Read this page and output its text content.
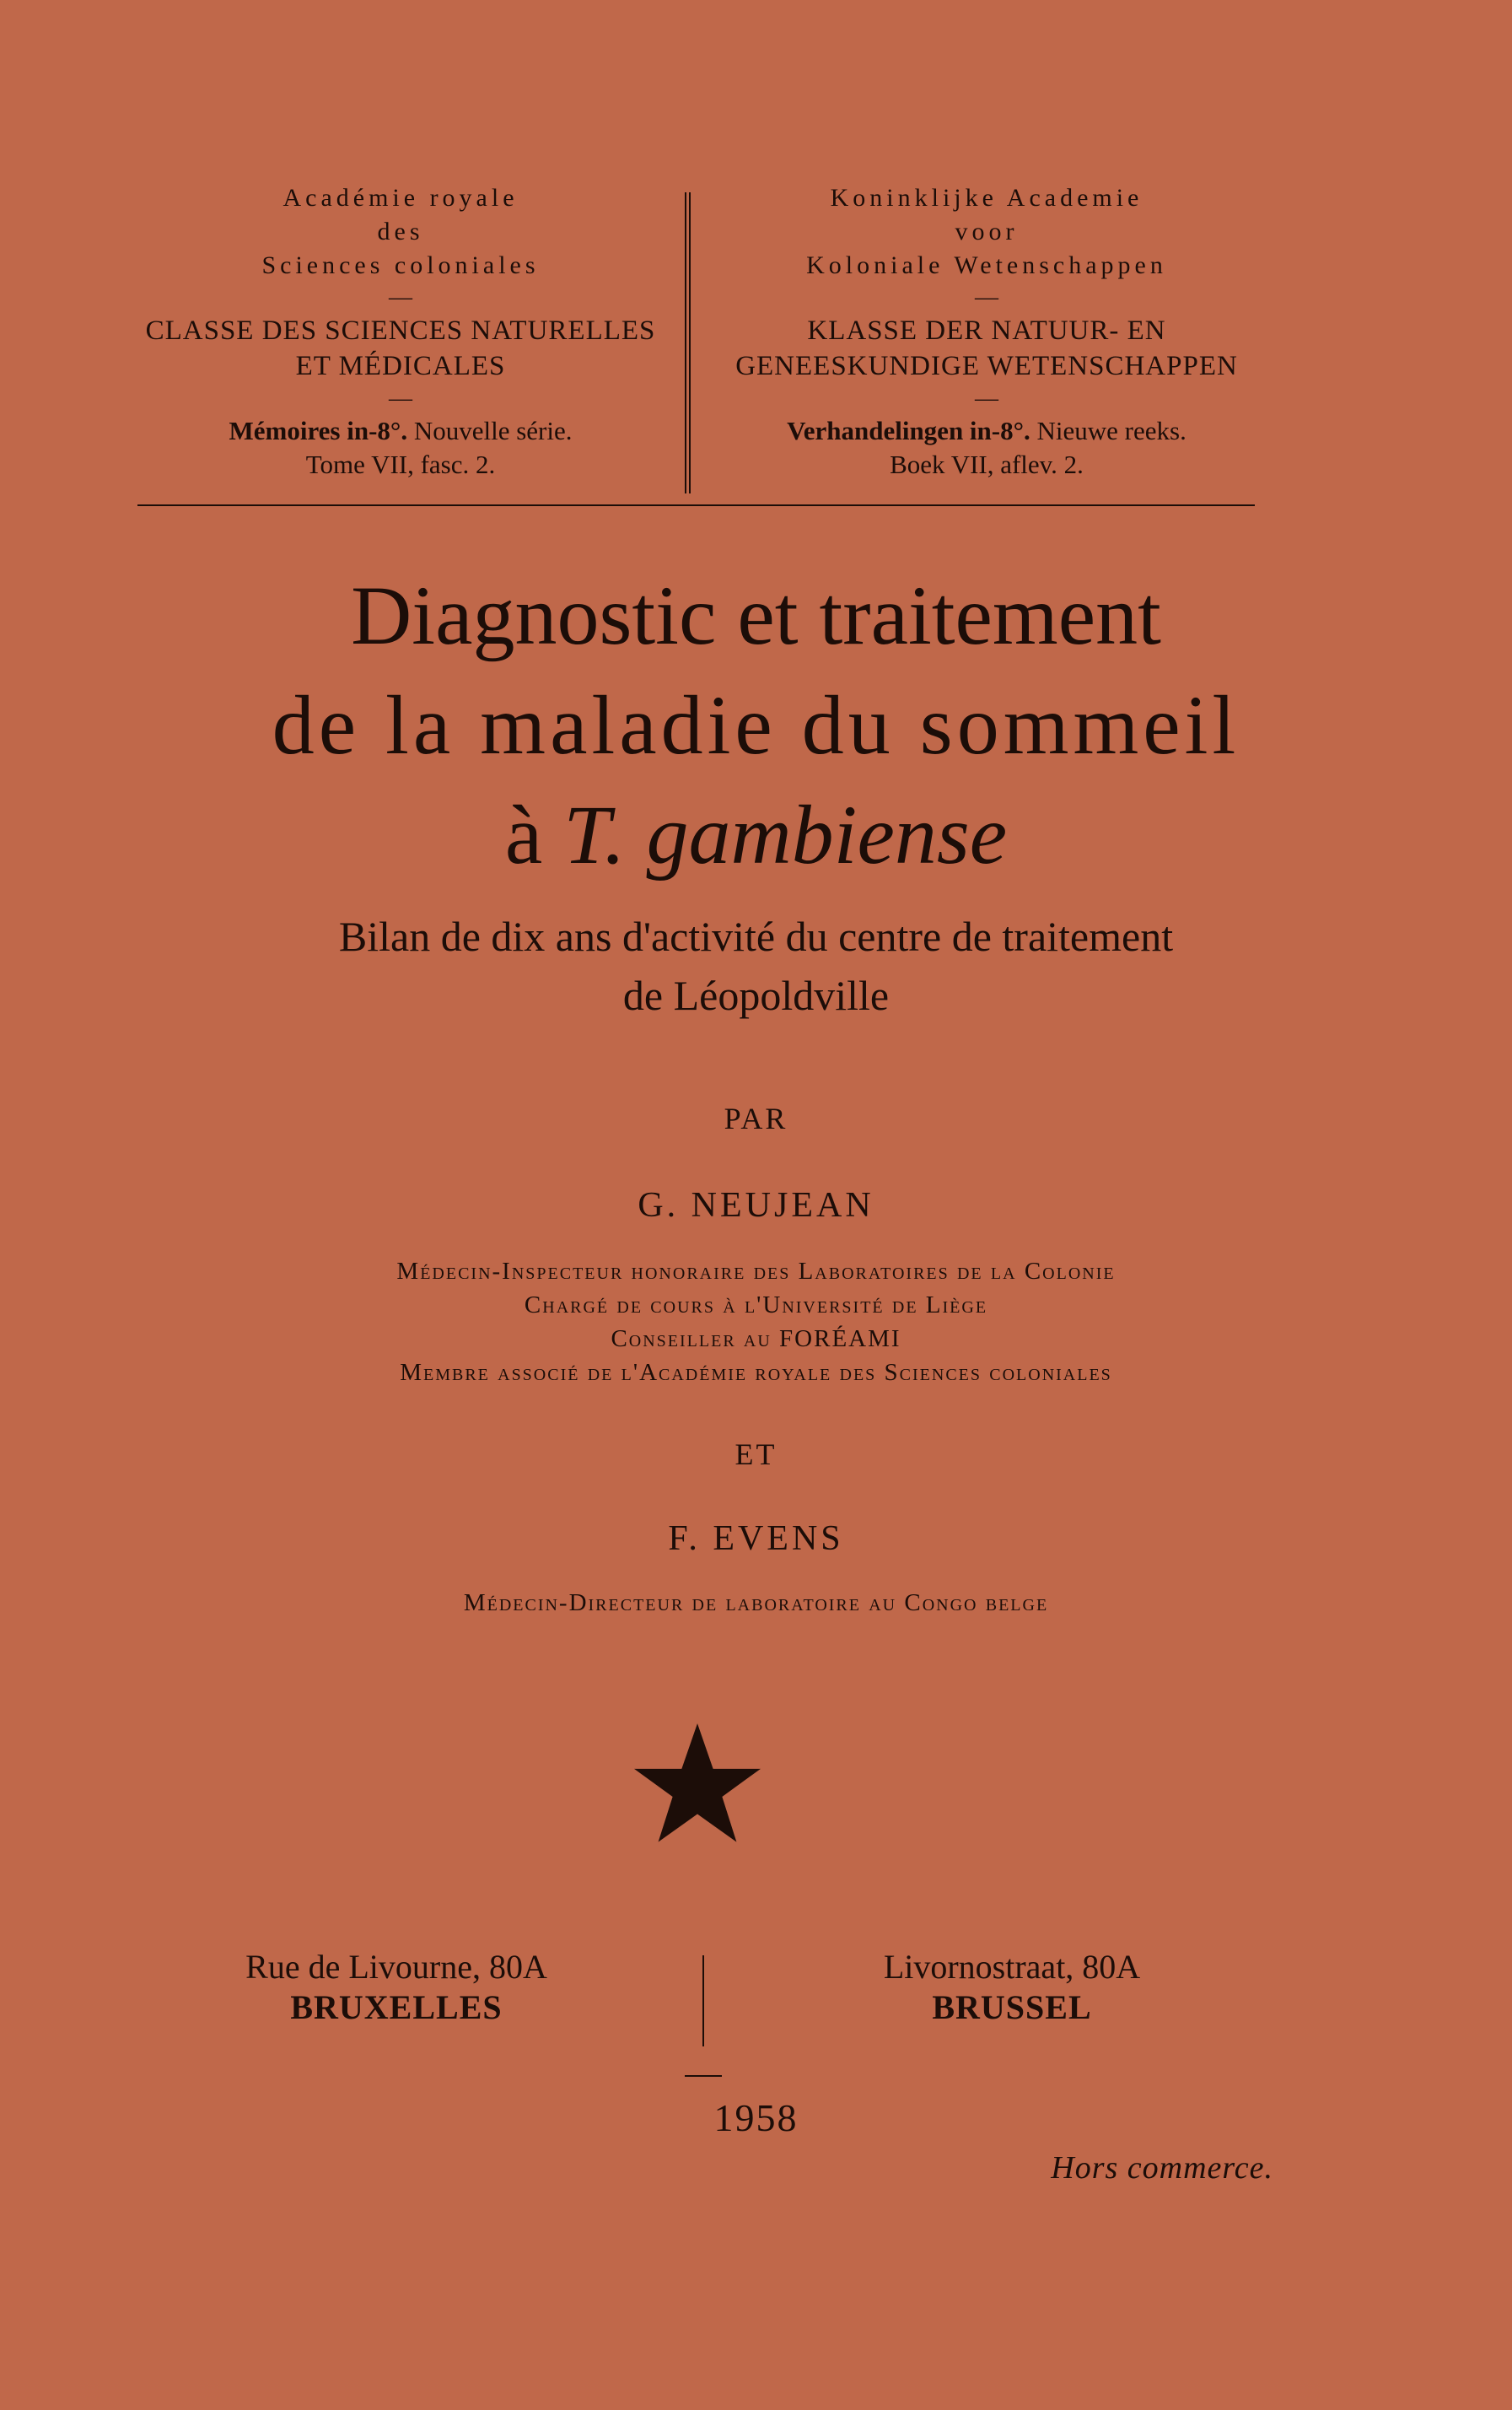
Académie royale
des
Sciences coloniales
—
CLASSE DES SCIENCES NATURELLES
ET MÉDICALES
—
Mémoires in-8°. Nouvelle série.
Tome VII, fasc. 2.
Koninklijke Academie
voor
Koloniale Wetenschappen
—
KLASSE DER NATUUR- EN
GENEESKUNDIGE WETENSCHAPPEN
—
Verhandelingen in-8°. Nieuwe reeks.
Boek VII, aflev. 2.
Diagnostic et traitement
de la maladie du sommeil
à T. gambiense
Bilan de dix ans d'activité du centre de traitement
de Léopoldville
PAR
G. NEUJEAN
Médecin-Inspecteur honoraire des Laboratoires de la Colonie
Chargé de cours à l'Université de Liège
Conseiller au FORÉAMI
Membre associé de l'Académie royale des Sciences coloniales
ET
F. EVENS
Médecin-Directeur de laboratoire au Congo belge
Rue de Livourne, 80A
BRUXELLES
Livornostraat, 80A
BRUSSEL
1958
Hors commerce.
